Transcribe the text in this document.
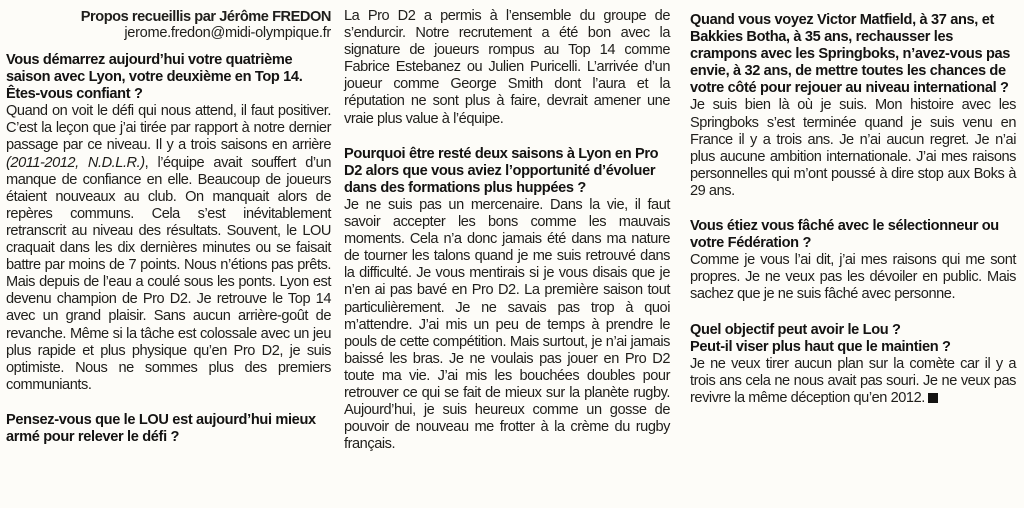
Propos recueillis par Jérôme FREDON
jerome.fredon@midi-olympique.fr
Vous démarrez aujourd’hui votre quatrième saison avec Lyon, votre deuxième en Top 14. Êtes-vous confiant ?

Quand on voit le défi qui nous attend, il faut positiver. C’est la leçon que j’ai tirée par rapport à notre dernier passage par ce niveau. Il y a trois saisons en arrière (2011-2012, N.D.L.R.), l’équipe avait souffert d’un manque de confiance en elle. Beaucoup de joueurs étaient nouveaux au club. On manquait alors de repères communs. Cela s’est inévitablement retranscrit au niveau des résultats. Souvent, le LOU craquait dans les dix dernières minutes ou se faisait battre par moins de 7 points. Nous n’étions pas prêts. Mais depuis de l’eau a coulé sous les ponts. Lyon est devenu champion de Pro D2. Je retrouve le Top 14 avec un grand plaisir. Sans aucun arrière-goût de revanche. Même si la tâche est colossale avec un jeu plus rapide et plus physique qu’en Pro D2, je suis optimiste. Nous ne sommes plus des premiers communiants.

Pensez-vous que le LOU est aujourd’hui mieux armé pour relever le défi ?

La Pro D2 a permis à l’ensemble du groupe de s’endurcir. Notre recrutement a été bon avec la signature de joueurs rompus au Top 14 comme Fabrice Estebanez ou Julien Puricelli. L’arrivée d’un joueur comme George Smith dont l’aura et la réputation ne sont plus à faire, devrait amener une vraie plus value à l’équipe.

Pourquoi être resté deux saisons à Lyon en Pro D2 alors que vous aviez l’opportunité d’évoluer dans des formations plus huppées ?

Je ne suis pas un mercenaire. Dans la vie, il faut savoir accepter les bons comme les mauvais moments. Cela n’a donc jamais été dans ma nature de tourner les talons quand je me suis retrouvé dans la difficulté. Je vous mentirais si je vous disais que je n’en ai pas bavé en Pro D2. La première saison tout particulièrement. Je ne savais pas trop à quoi m’attendre. J’ai mis un peu de temps à prendre le pouls de cette compétition. Mais surtout, je n’ai jamais baissé les bras. Je ne voulais pas jouer en Pro D2 toute ma vie. J’ai mis les bouchées doubles pour retrouver ce qui se fait de mieux sur la planète rugby. Aujourd’hui, je suis heureux comme un gosse de pouvoir de nouveau me frotter à la crème du rugby français.

Quand vous voyez Victor Matfield, à 37 ans, et Bakkies Botha, à 35 ans, rechausser les crampons avec les Springboks, n’avez-vous pas envie, à 32 ans, de mettre toutes les chances de votre côté pour rejouer au niveau international ?

Je suis bien là où je suis. Mon histoire avec les Springboks s’est terminée quand je suis venu en France il y a trois ans. Je n’ai aucun regret. Je n’ai plus aucune ambition internationale. J’ai mes raisons personnelles qui m’ont poussé à dire stop aux Boks à 29 ans.

Vous étiez vous fâché avec le sélectionneur ou votre Fédération ?

Comme je vous l’ai dit, j’ai mes raisons qui me sont propres. Je ne veux pas les dévoiler en public. Mais sachez que je ne suis fâché avec personne.

Quel objectif peut avoir le Lou ?
Peut-il viser plus haut que le maintien ?

Je ne veux tirer aucun plan sur la comète car il y a trois ans cela ne nous avait pas souri. Je ne veux pas revivre la même déception qu’en 2012.
